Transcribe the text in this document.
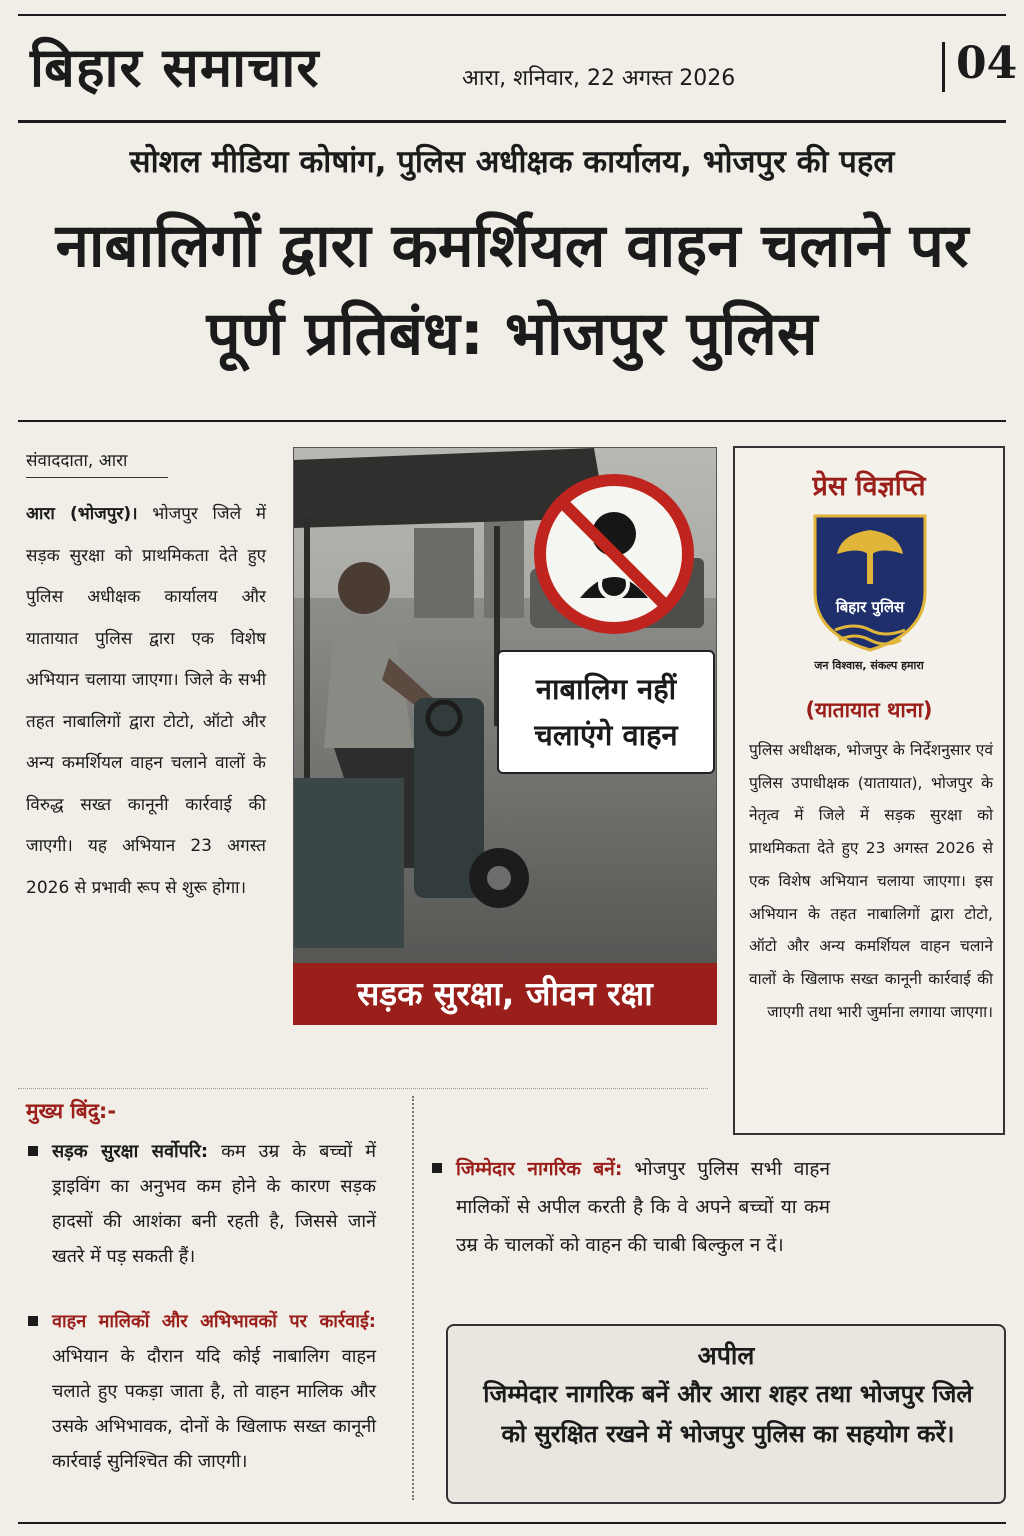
बिहार समाचार	आरा, शनिवार, 22 अगस्त 2026	04
सोशल मीडिया कोषांग, पुलिस अधीक्षक कार्यालय, भोजपुर की पहल
नाबालिगों द्वारा कमर्शियल वाहन चलाने पर पूर्ण प्रतिबंध: भोजपुर पुलिस
संवाददाता, आरा
आरा (भोजपुर)। भोजपुर जिले में सड़क सुरक्षा को प्राथमिकता देते हुए पुलिस अधीक्षक कार्यालय और यातायात पुलिस द्वारा एक विशेष अभियान चलाया जाएगा। जिले के सभी तहत नाबालिगों द्वारा टोटो, ऑटो और अन्य कमर्शियल वाहन चलाने वालों के विरुद्ध सख्त कानूनी कार्रवाई की जाएगी। यह अभियान 23 अगस्त 2026 से प्रभावी रूप से शुरू होगा।
नाबालिग नहीं चलाएंगे वाहन
सड़क सुरक्षा, जीवन रक्षा
प्रेस विज्ञप्ति
बिहार पुलिस
जन विश्वास, संकल्प हमारा
(यातायात थाना)
पुलिस अधीक्षक, भोजपुर के निर्देशनुसार एवं पुलिस उपाधीक्षक (यातायात), भोजपुर के नेतृत्व में जिले में सड़क सुरक्षा को प्राथमिकता देते हुए 23 अगस्त 2026 से एक विशेष अभियान चलाया जाएगा। इस अभियान के तहत नाबालिगों द्वारा टोटो, ऑटो और अन्य कमर्शियल वाहन चलाने वालों के खिलाफ सख्त कानूनी कार्रवाई की जाएगी तथा भारी जुर्माना लगाया जाएगा।
मुख्य बिंदु:-
सड़क सुरक्षा सर्वोपरि: कम उम्र के बच्चों में ड्राइविंग का अनुभव कम होने के कारण सड़क हादसों की आशंका बनी रहती है, जिससे जानें खतरे में पड़ सकती हैं।
वाहन मालिकों और अभिभावकों पर कार्रवाई: अभियान के दौरान यदि कोई नाबालिग वाहन चलाते हुए पकड़ा जाता है, तो वाहन मालिक और उसके अभिभावक, दोनों के खिलाफ सख्त कानूनी कार्रवाई सुनिश्चित की जाएगी।
जिम्मेदार नागरिक बनें: भोजपुर पुलिस सभी वाहन मालिकों से अपील करती है कि वे अपने बच्चों या कम उम्र के चालकों को वाहन की चाबी बिल्कुल न दें।
अपील
जिम्मेदार नागरिक बनें और आरा शहर तथा भोजपुर जिले को सुरक्षित रखने में भोजपुर पुलिस का सहयोग करें।
